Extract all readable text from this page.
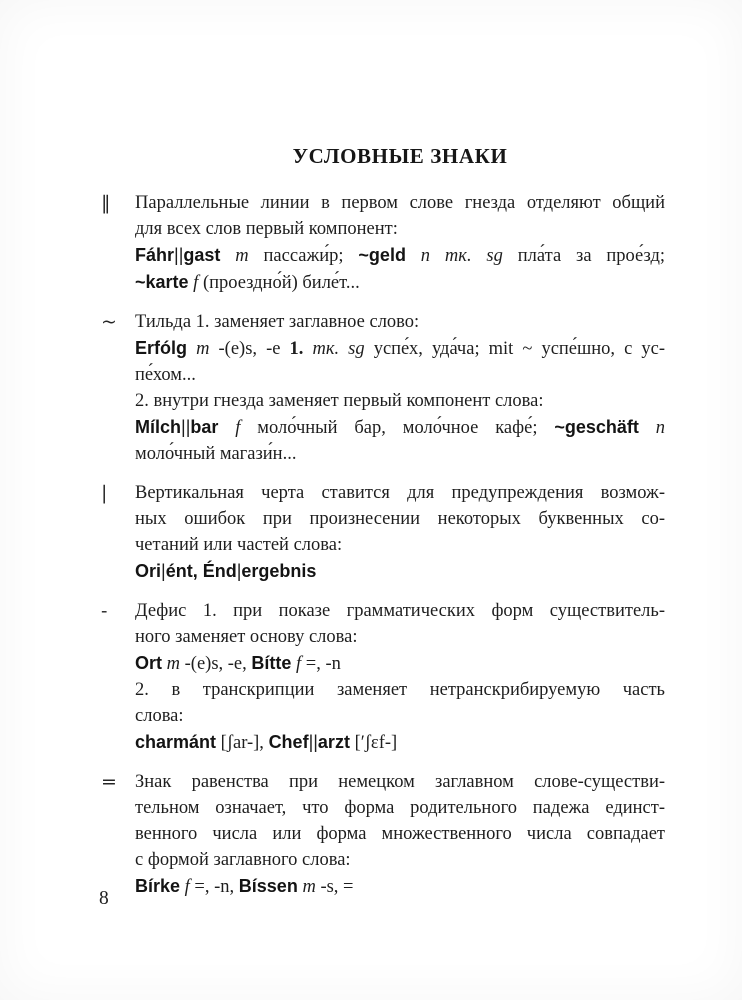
УСЛОВНЫЕ ЗНАКИ
‖	Параллельные линии в первом слове гнезда отделяют общий
для всех слов первый компонент:
Fáhr||gast m пассажи́р; ~geld n тк. sg пла́та за прое́зд;
~karte f (проездно́й) биле́т...
~ Тильда 1. заменяет заглавное слово:
Erfólg m -(e)s, -e 1. тк. sg успе́х, уда́ча; mit ~ успе́шно, с ус-
пе́хом...
2. внутри гнезда заменяет первый компонент слова:
Mílch||bar f моло́чный бар, моло́чное кафе́; ~geschäft n
моло́чный магази́н...
|	Вертикальная черта ставится для предупреждения возмож-
ных ошибок при произнесении некоторых буквенных со-
четаний или частей слова:
Ori|ént, Énd|ergebnis
-	Дефис 1. при показе грамматических форм существитель-
ного заменяет основу слова:
Ort m -(e)s, -e, Bítte f =, -n
2. в транскрипции заменяет нетранскрибируемую часть
слова:
charmánt [ʃar-], Chef||arzt [ʹʃɛf-]
= Знак равенства при немецком заглавном слове-существи-
тельном означает, что форма родительного падежа единст-
венного числа или форма множественного числа совпадает
с формой заглавного слова:
Bírke f =, -n, Bíssen m -s, =
8
